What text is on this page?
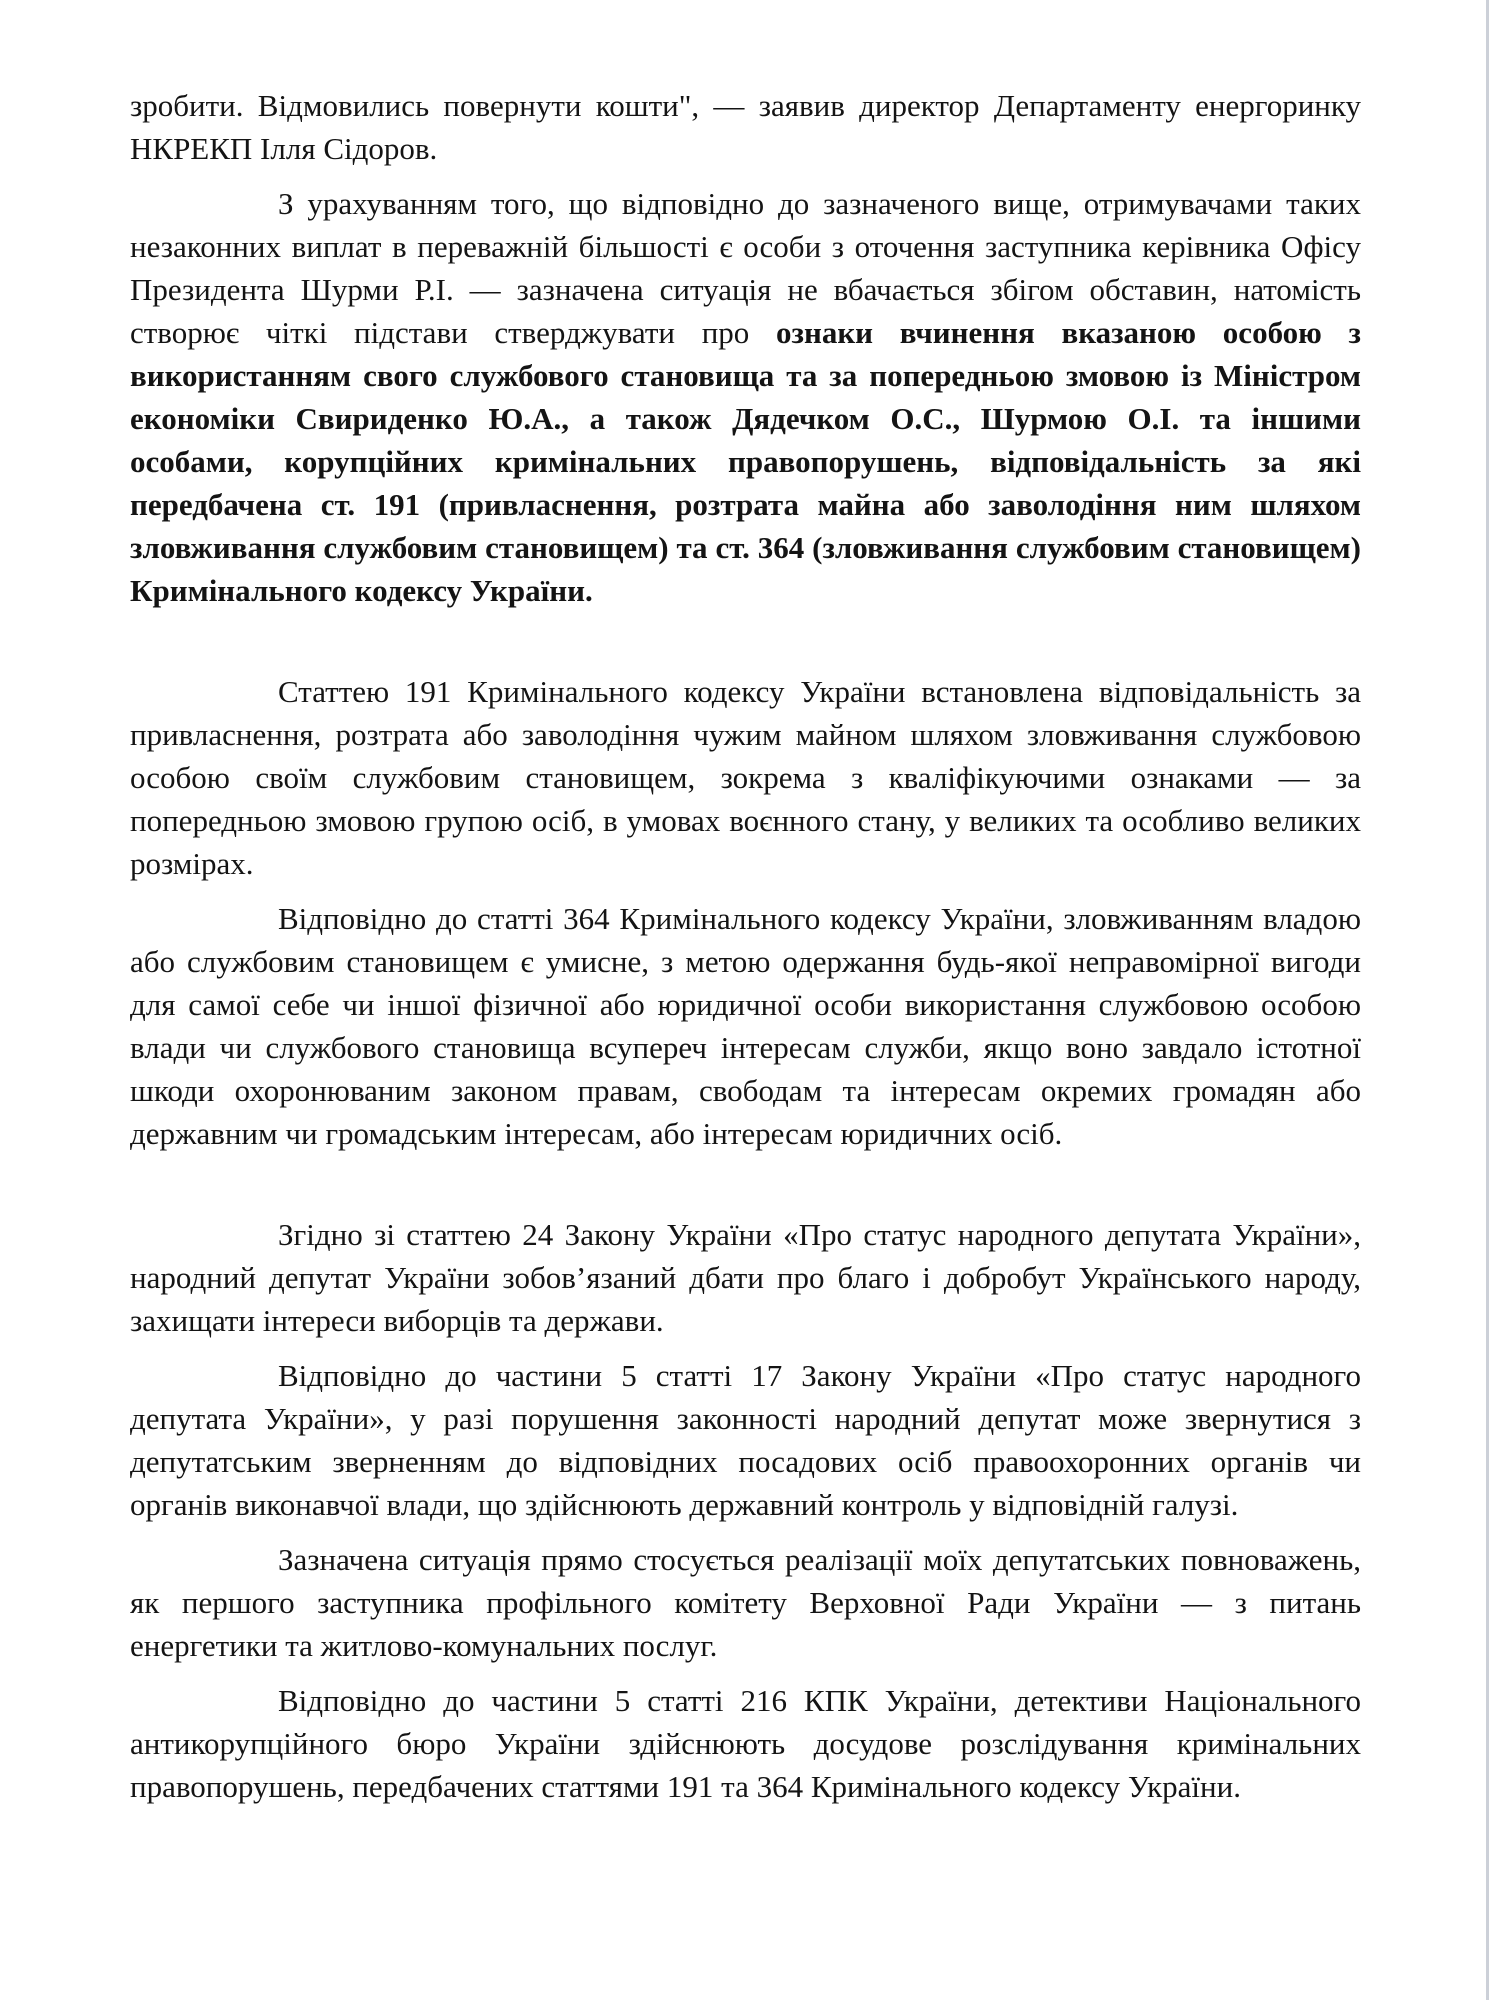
зробити. Відмовились повернути кошти", — заявив директор Департаменту енергоринку НКРЕКП Ілля Сідоров.

З урахуванням того, що відповідно до зазначеного вище, отримувачами таких незаконних виплат в переважній більшості є особи з оточення заступника керівника Офісу Президента Шурми Р.І. — зазначена ситуація не вбачається збігом обставин, натомість створює чіткі підстави стверджувати про ознаки вчинення вказаною особою з використанням свого службового становища та за попередньою змовою із Міністром економіки Свириденко Ю.А., а також Дядечком О.С., Шурмою О.І. та іншими особами, корупційних кримінальних правопорушень, відповідальність за які передбачена ст. 191 (привласнення, розтрата майна або заволодіння ним шляхом зловживання службовим становищем) та ст. 364 (зловживання службовим становищем) Кримінального кодексу України.

Статтею 191 Кримінального кодексу України встановлена відповідальність за привласнення, розтрата або заволодіння чужим майном шляхом зловживання службовою особою своїм службовим становищем, зокрема з кваліфікуючими ознаками — за попередньою змовою групою осіб, в умовах воєнного стану, у великих та особливо великих розмірах.

Відповідно до статті 364 Кримінального кодексу України, зловживанням владою або службовим становищем є умисне, з метою одержання будь-якої неправомірної вигоди для самої себе чи іншої фізичної або юридичної особи використання службовою особою влади чи службового становища всупереч інтересам служби, якщо воно завдало істотної шкоди охоронюваним законом правам, свободам та інтересам окремих громадян або державним чи громадським інтересам, або інтересам юридичних осіб.

Згідно зі статтею 24 Закону України «Про статус народного депутата України», народний депутат України зобов’язаний дбати про благо і добробут Українського народу, захищати інтереси виборців та держави.

Відповідно до частини 5 статті 17 Закону України «Про статус народного депутата України», у разі порушення законності народний депутат може звернутися з депутатським зверненням до відповідних посадових осіб правоохоронних органів чи органів виконавчої влади, що здійснюють державний контроль у відповідній галузі.

Зазначена ситуація прямо стосується реалізації моїх депутатських повноважень, як першого заступника профільного комітету Верховної Ради України — з питань енергетики та житлово-комунальних послуг.

Відповідно до частини 5 статті 216 КПК України, детективи Національного антикорупційного бюро України здійснюють досудове розслідування кримінальних правопорушень, передбачених статтями 191 та 364 Кримінального кодексу України.
